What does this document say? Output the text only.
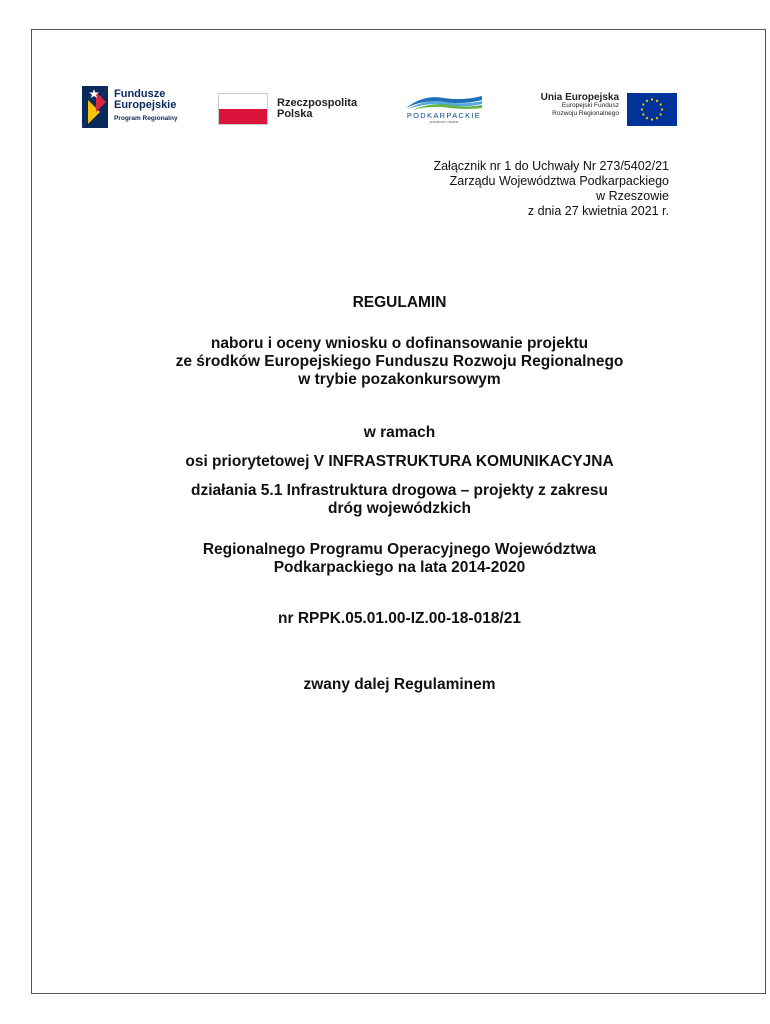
Fundusze
Europejskie
Program Regionalny
Rzeczpospolita
Polska	PODKARPACKIE
przestrzeń otwarta
Unia Europejska
Europejski Fundusz
Rozwoju Regionalnego
Załącznik nr 1 do Uchwały Nr 273/5402/21
Zarządu Województwa Podkarpackiego
w Rzeszowie
z dnia 27 kwietnia 2021 r.
REGULAMIN
naboru i oceny wniosku o dofinansowanie projektu
ze środków Europejskiego Funduszu Rozwoju Regionalnego
w trybie pozakonkursowym
w ramach
osi priorytetowej V INFRASTRUKTURA KOMUNIKACYJNA
działania 5.1 Infrastruktura drogowa – projekty z zakresu
dróg wojewódzkich
Regionalnego Programu Operacyjnego Województwa
Podkarpackiego na lata 2014-2020
nr RPPK.05.01.00-IZ.00-18-018/21
zwany dalej Regulaminem
